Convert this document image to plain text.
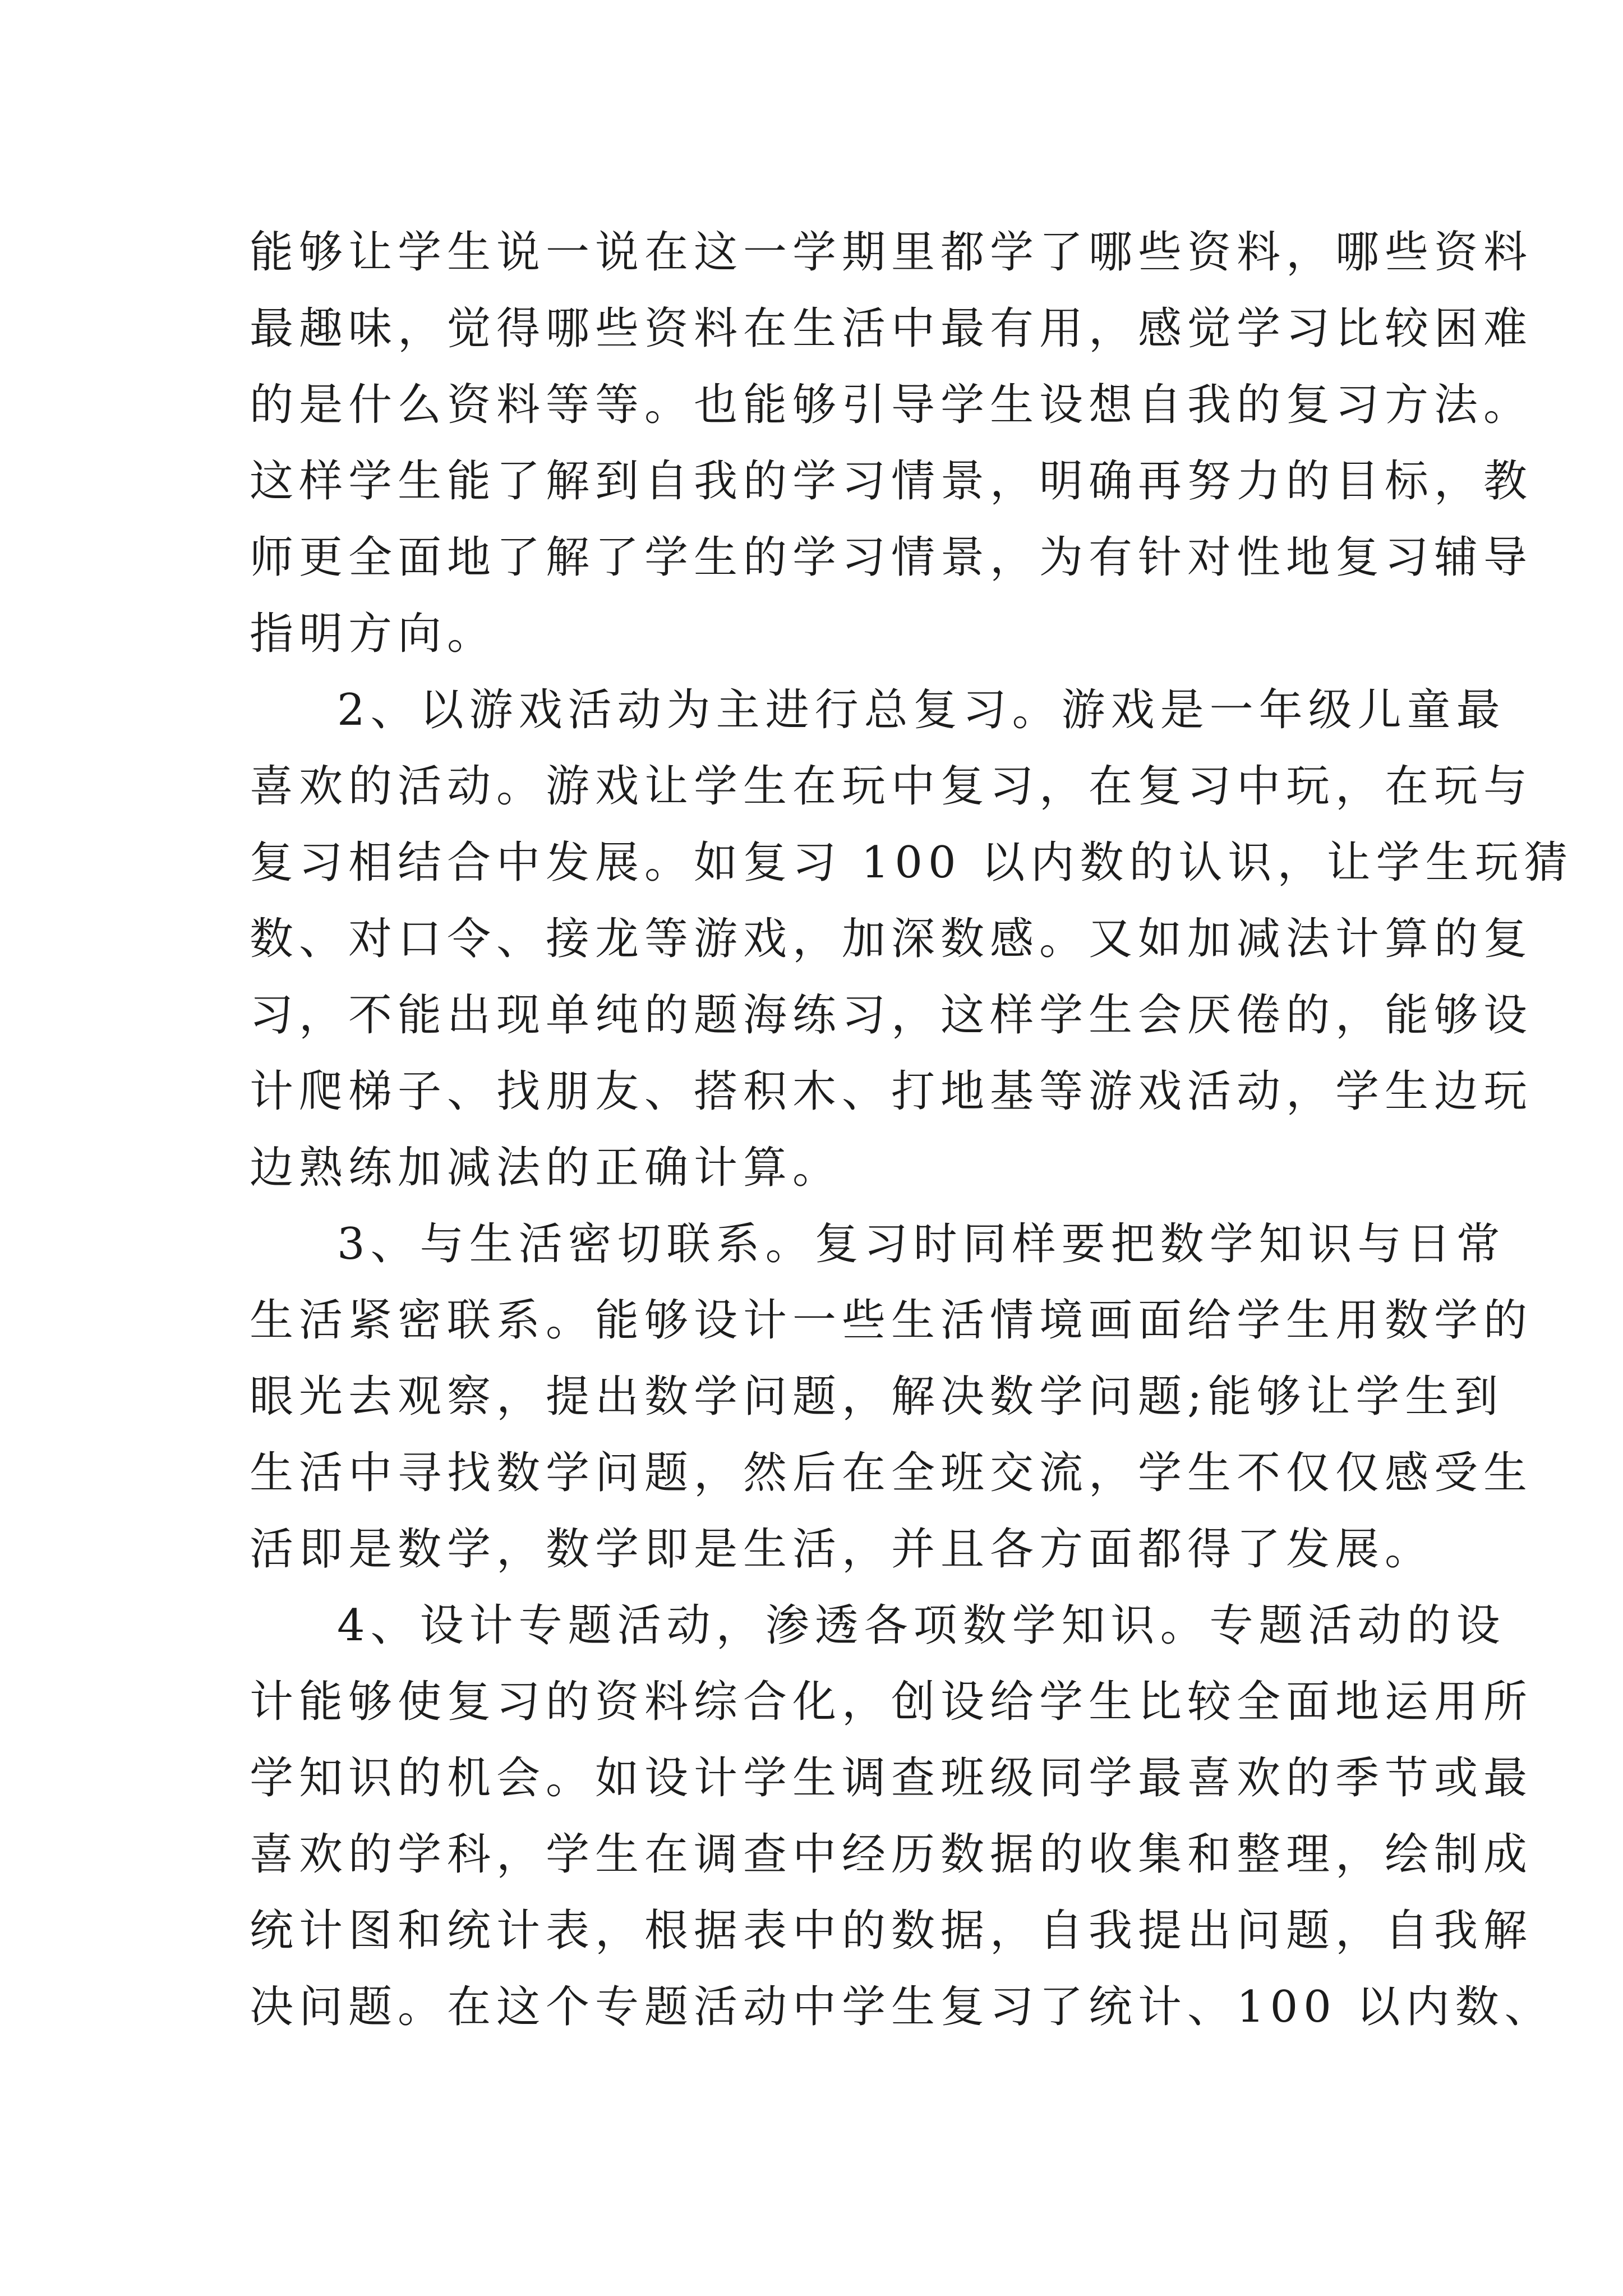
能够让学生说一说在这一学期里都学了哪些资料，哪些资料
最趣味，觉得哪些资料在生活中最有用，感觉学习比较困难
的是什么资料等等。也能够引导学生设想自我的复习方法。
这样学生能了解到自我的学习情景，明确再努力的目标，教
师更全面地了解了学生的学习情景，为有针对性地复习辅导
指明方向。
2、以游戏活动为主进行总复习。游戏是一年级儿童最
喜欢的活动。游戏让学生在玩中复习，在复习中玩，在玩与
复习相结合中发展。如复习 100 以内数的认识，让学生玩猜
数、对口令、接龙等游戏，加深数感。又如加减法计算的复
习，不能出现单纯的题海练习，这样学生会厌倦的，能够设
计爬梯子、找朋友、搭积木、打地基等游戏活动，学生边玩
边熟练加减法的正确计算。
3、与生活密切联系。复习时同样要把数学知识与日常
生活紧密联系。能够设计一些生活情境画面给学生用数学的
眼光去观察，提出数学问题，解决数学问题;能够让学生到
生活中寻找数学问题，然后在全班交流，学生不仅仅感受生
活即是数学，数学即是生活，并且各方面都得了发展。
4、设计专题活动，渗透各项数学知识。专题活动的设
计能够使复习的资料综合化，创设给学生比较全面地运用所
学知识的机会。如设计学生调查班级同学最喜欢的季节或最
喜欢的学科，学生在调查中经历数据的收集和整理，绘制成
统计图和统计表，根据表中的数据，自我提出问题，自我解
决问题。在这个专题活动中学生复习了统计、100 以内数、
